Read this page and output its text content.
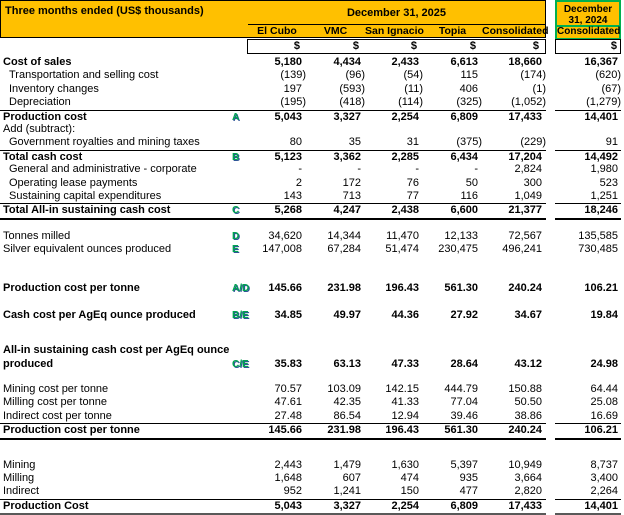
Three months ended (US$ thousands)	December 31, 2025
El Cubo	VMC	San Ignacio	Topia	Consolidated
December
31, 2024
Consolidated
$	$	$	$	$	$
Cost of sales	5,180	4,434	2,433	6,613	18,660	16,367
Transportation and selling cost	(139)	(96)	(54)	115	(174)	(620)
Inventory changes	197	(593)	(11)	406	(1)	(67)
Depreciation	(195)	(418)	(114)	(325)	(1,052)	(1,279)
Production cost	A	5,043	3,327	2,254	6,809	17,433	14,401
Add (subtract):
Government royalties and mining taxes	80	35	31	(375)	(229)	91
Total cash cost	B	5,123	3,362	2,285	6,434	17,204	14,492
General and administrative - corporate	-	-	-	-	2,824	1,980
Operating lease payments	2	172	76	50	300	523
Sustaining capital expenditures	143	713	77	116	1,049	1,251
Total All-in sustaining cash cost	C	5,268	4,247	2,438	6,600	21,377	18,246
Tonnes milled	D	34,620	14,344	11,470	12,133	72,567	135,585
Silver equivalent ounces produced	E	147,008	67,284	51,474	230,475	496,241	730,485
Production cost per tonne	A/D	145.66	231.98	196.43	561.30	240.24	106.21
Cash cost per AgEq ounce produced	B/E	34.85	49.97	44.36	27.92	34.67	19.84
All-in sustaining cash cost per AgEq ounce
produced	C/E	35.83	63.13	47.33	28.64	43.12	24.98
Mining cost per tonne	70.57	103.09	142.15	444.79	150.88	64.44
Milling cost per tonne	47.61	42.35	41.33	77.04	50.50	25.08
Indirect cost per tonne	27.48	86.54	12.94	39.46	38.86	16.69
Production cost per tonne	145.66	231.98	196.43	561.30	240.24	106.21
Mining	2,443	1,479	1,630	5,397	10,949	8,737
Milling	1,648	607	474	935	3,664	3,400
Indirect	952	1,241	150	477	2,820	2,264
Production Cost	5,043	3,327	2,254	6,809	17,433	14,401
